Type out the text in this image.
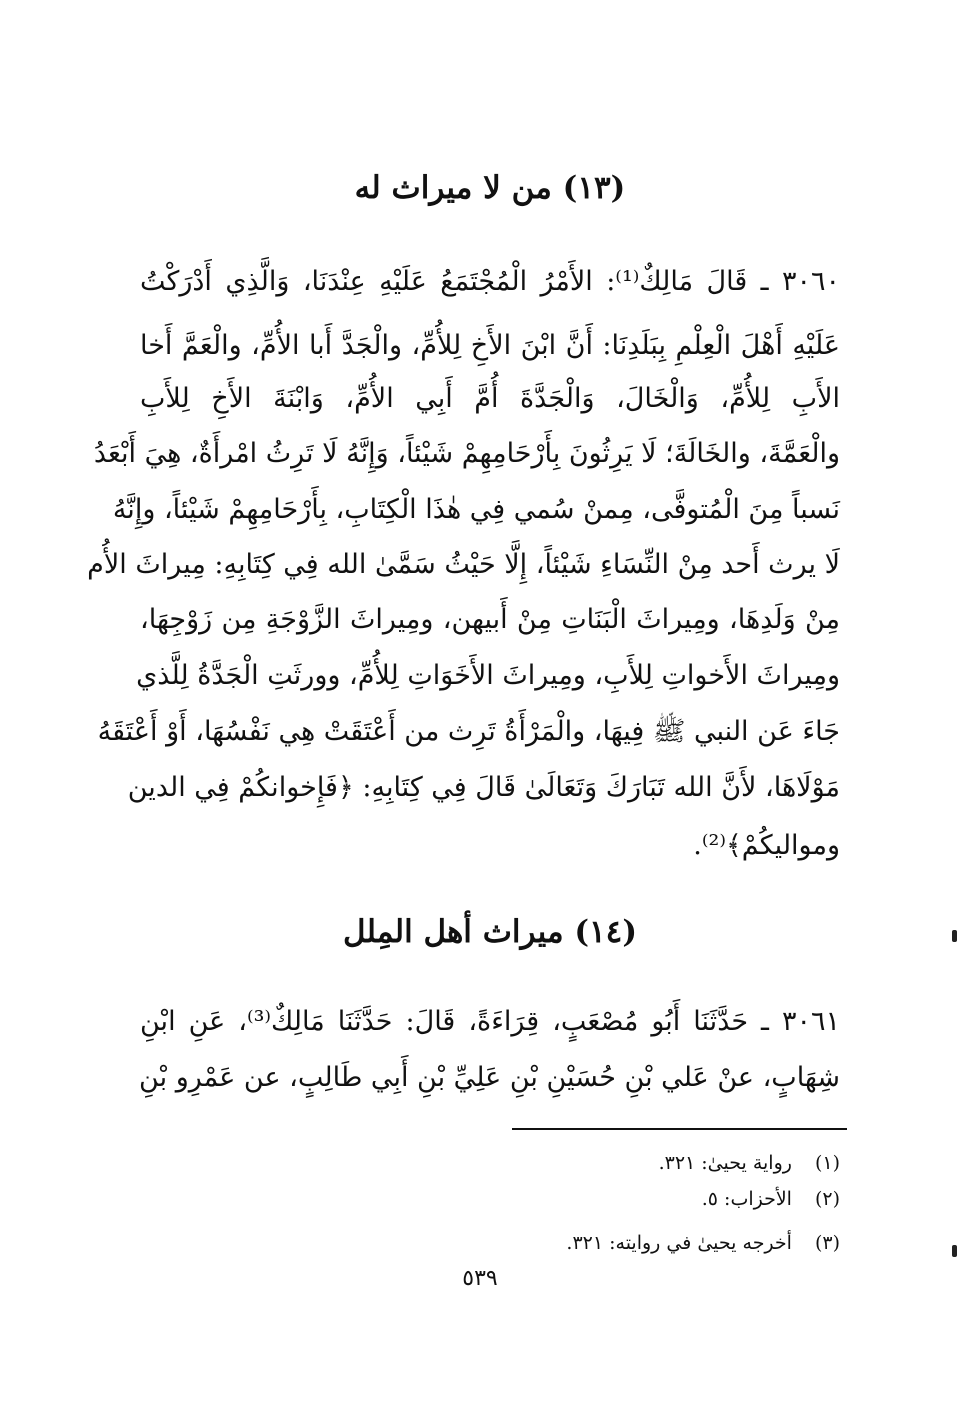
(١٣) من لا ميراث له
٣٠٦٠ ـ قَالَ مَالِكٌ⁽¹⁾: الأَمْرُ الْمُجْتَمَعُ عَلَيْهِ عِنْدَنَا، وَالَّذِي أَدْرَكْتُ
عَلَيْهِ أَهْلَ الْعِلْمِ بِبَلَدِنَا: أَنَّ ابْنَ الأَخِ لِلأُمِّ، والْجَدَّ أَبا الأُمِّ، والْعَمَّ أَخا
الأَبِ لِلأُمِّ، وَالْخَالَ، وَالْجَدَّةَ أُمَّ أَبِي الأُمِّ، وَابْنَةَ الأَخِ لِلأَبِ
والْعَمَّةَ، والخَالَةَ؛ لَا يَرِثُونَ بِأَرْحَامِهِمْ شَيْئاً، وَإِنَّهُ لَا تَرِثُ امْرأَةٌ، هِيَ أَبْعَدُ
نَسباً مِنَ الْمُتوفَّى، مِمنْ سُمي فِي هٰذَا الْكِتَابِ، بِأَرْحَامِهِمْ شَيْئاً، وإِنَّهُ
لَا يرث أَحد مِنْ النِّسَاءِ شَيْئاً، إِلَّا حَيْثُ سَمَّىٰ الله فِي كِتَابِهِ: مِيراثَ الأُم
مِنْ وَلَدِهَا، ومِيراثَ الْبَنَاتِ مِنْ أَبيهن، ومِيراثَ الزَّوْجَةِ مِن زَوْجِهَا،
ومِيراثَ الأَخواتِ لِلأَبِ، ومِيراثَ الأَخَوَاتِ لِلأُمِّ، وورثَتِ الْجَدَّةُ لِلَّذي
جَاءَ عَن النبي ﷺ فِيهَا، والْمَرْأَةُ تَرِث من أَعْتَقَتْ هِي نَفْسُهَا، أَوْ أَعْتَقَهُ
مَوْلَاهَا، لأَنَّ الله تَبَارَكَ وَتَعَالَىٰ قَالَ فِي كِتَابِهِ: ﴿فَإِخوانكُمْ فِي الدين
ومواليكُمْ﴾⁽²⁾.
(١٤) ميراث أهل المِلل
٣٠٦١ ـ حَدَّثَنَا أَبُو مُصْعَبٍ، قِرَاءَةً، قَالَ: حَدَّثَنَا مَالِكٌ⁽³⁾، عَنِ ابْنِ
شِهَابٍ، عنْ عَلي بْنِ حُسَيْنِ بْنِ عَلِيِّ بْنِ أَبِي طَالِبٍ، عن عَمْرِو بْنِ
(١) رواية يحيىٰ: ٣٢١.
(٢) الأحزاب: ٥.
(٣) أخرجه يحيىٰ في روايته: ٣٢١.
٥٣٩
